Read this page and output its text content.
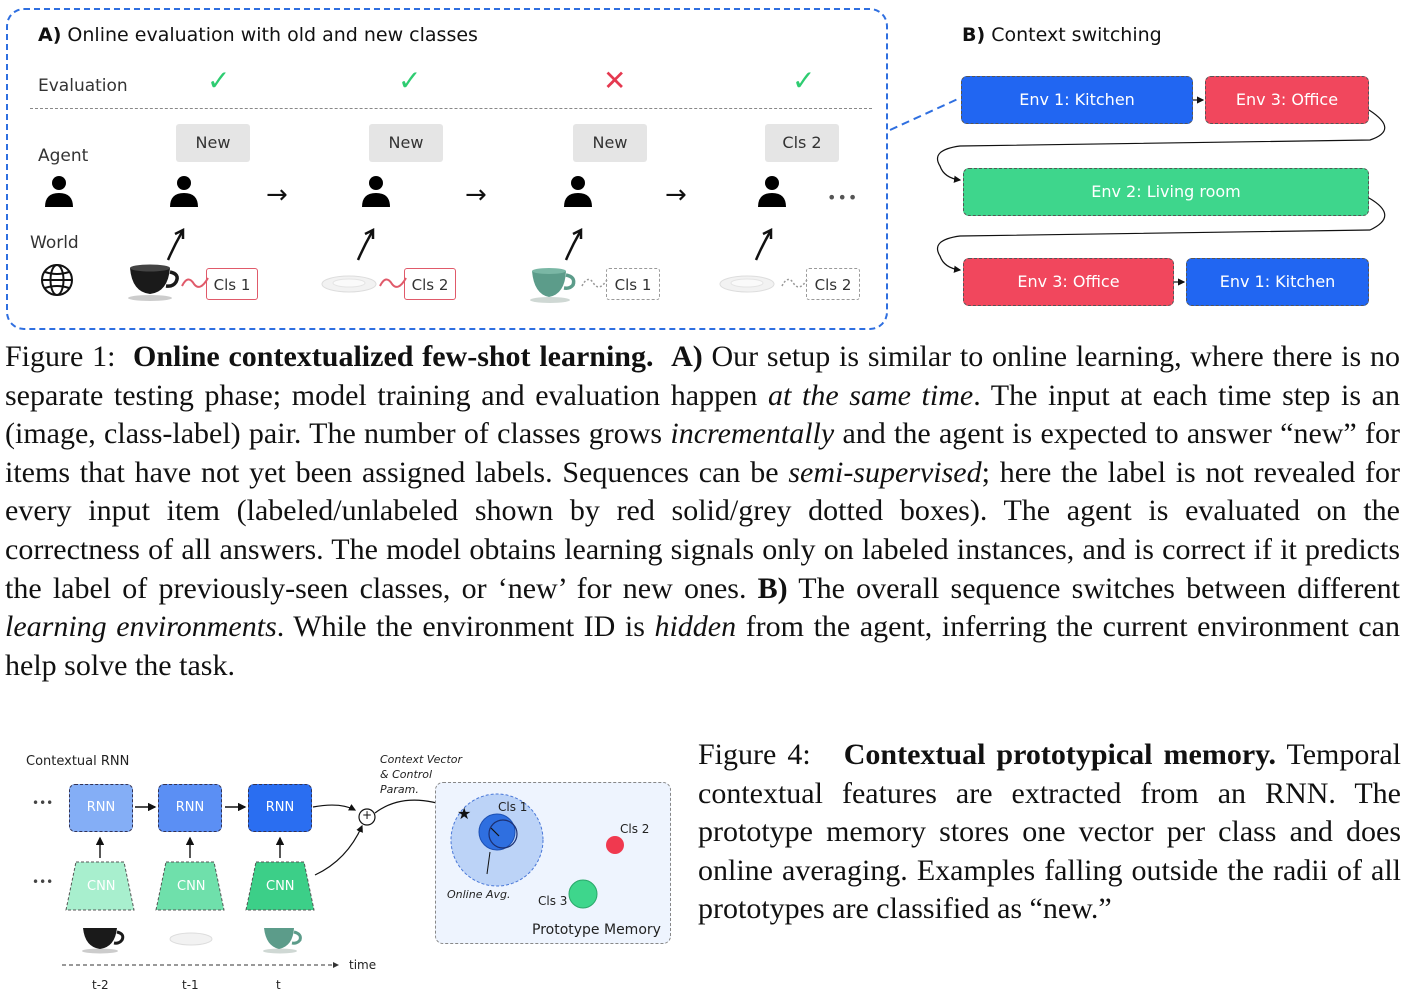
A) Online evaluation with old and new classes
Evaluation
Agent
World
✓	✓	✕	✓
New	New	New	Cls 2
→	→	→	•••
Cls 1	Cls 2	Cls 1	Cls 2
B) Context switching
Env 1: Kitchen	Env 3: Office
Env 2: Living room
Env 3: Office	Env 1: Kitchen
Figure 1: Online contextualized few-shot learning. A) Our setup is similar to online learning, where there is no separate testing phase; model training and evaluation happen at the same time. The input at each time step is an (image, class-label) pair. The number of classes grows incrementally and the agent is expected to answer “new” for items that have not yet been assigned labels. Sequences can be semi-supervised; here the label is not revealed for every input item (labeled/unlabeled shown by red solid/grey dotted boxes). The agent is evaluated on the correctness of all answers. The model obtains learning signals only on labeled instances, and is correct if it predicts the label of previously-seen classes, or ‘new’ for new ones. B) The overall sequence switches between different learning environments. While the environment ID is hidden from the agent, inferring the current environment can help solve the task.
Contextual RNN
•••
•••
RNN	RNN	RNN
CNN	CNN	CNN
+
Context Vector
& Control
Param.
time
t-2	t-1	t
★ Cls 1
Cls 2
Cls 3
Online Avg.
Prototype Memory
Figure 4: Contextual prototypical memory. Temporal contextual features are extracted from an RNN. The prototype memory stores one vector per class and does online averaging. Examples falling outside the radii of all prototypes are classified as “new.”
